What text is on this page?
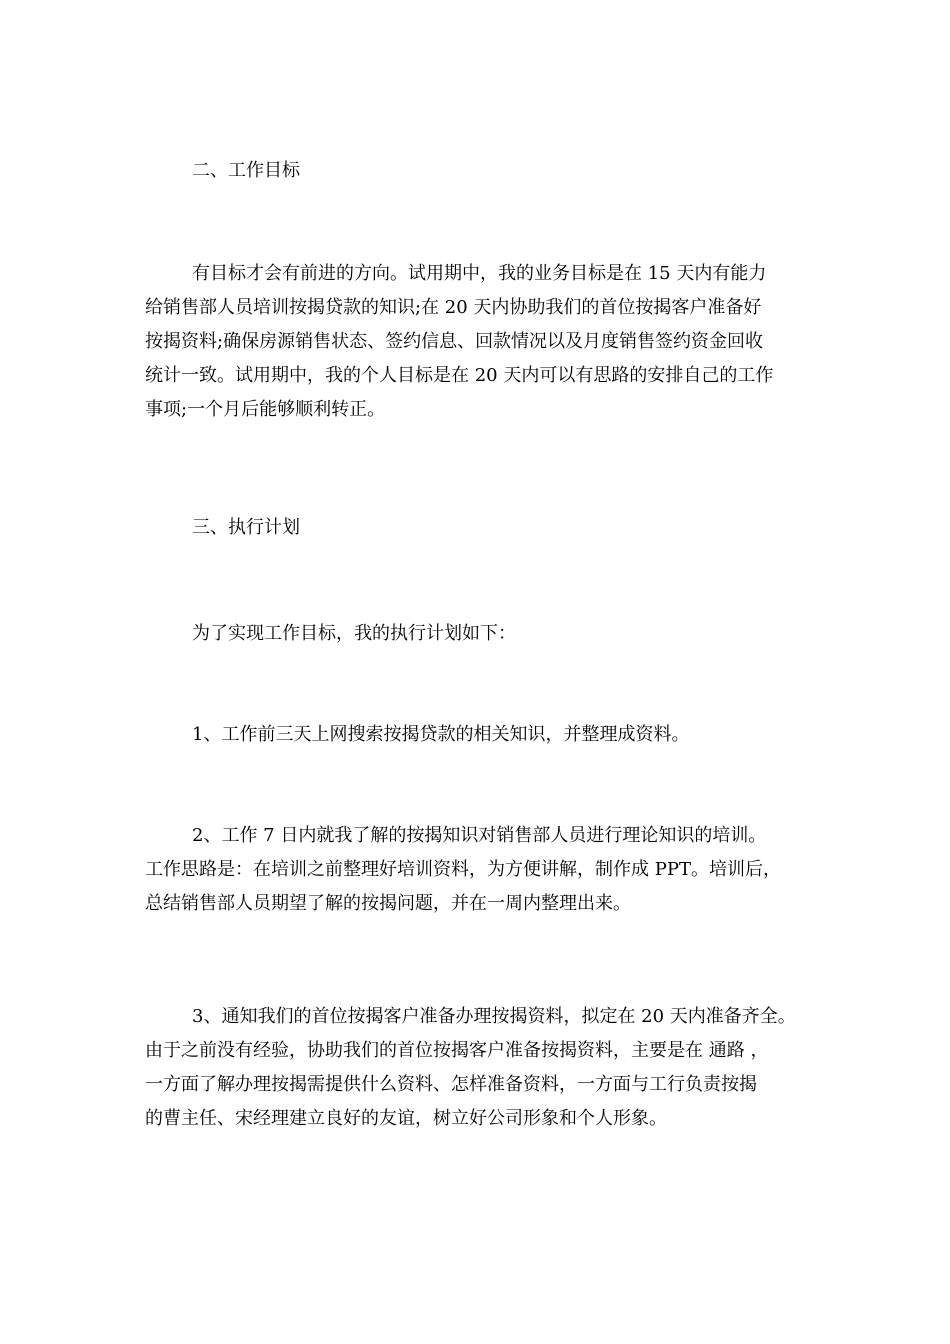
二、工作目标
有目标才会有前进的方向。试用期中，我的业务目标是在 15 天内有能力
给销售部人员培训按揭贷款的知识;在 20 天内协助我们的首位按揭客户准备好
按揭资料;确保房源销售状态、签约信息、回款情况以及月度销售签约资金回收
统计一致。试用期中，我的个人目标是在 20 天内可以有思路的安排自己的工作
事项;一个月后能够顺利转正。
三、执行计划
为了实现工作目标，我的执行计划如下：
1、工作前三天上网搜索按揭贷款的相关知识，并整理成资料。
2、工作 7 日内就我了解的按揭知识对销售部人员进行理论知识的培训。
工作思路是：在培训之前整理好培训资料，为方便讲解，制作成 PPT。培训后，
总结销售部人员期望了解的按揭问题，并在一周内整理出来。
3、通知我们的首位按揭客户准备办理按揭资料，拟定在 20 天内准备齐全。
由于之前没有经验，协助我们的首位按揭客户准备按揭资料，主要是在 通路 ，
一方面了解办理按揭需提供什么资料、怎样准备资料，一方面与工行负责按揭
的曹主任、宋经理建立良好的友谊，树立好公司形象和个人形象。
